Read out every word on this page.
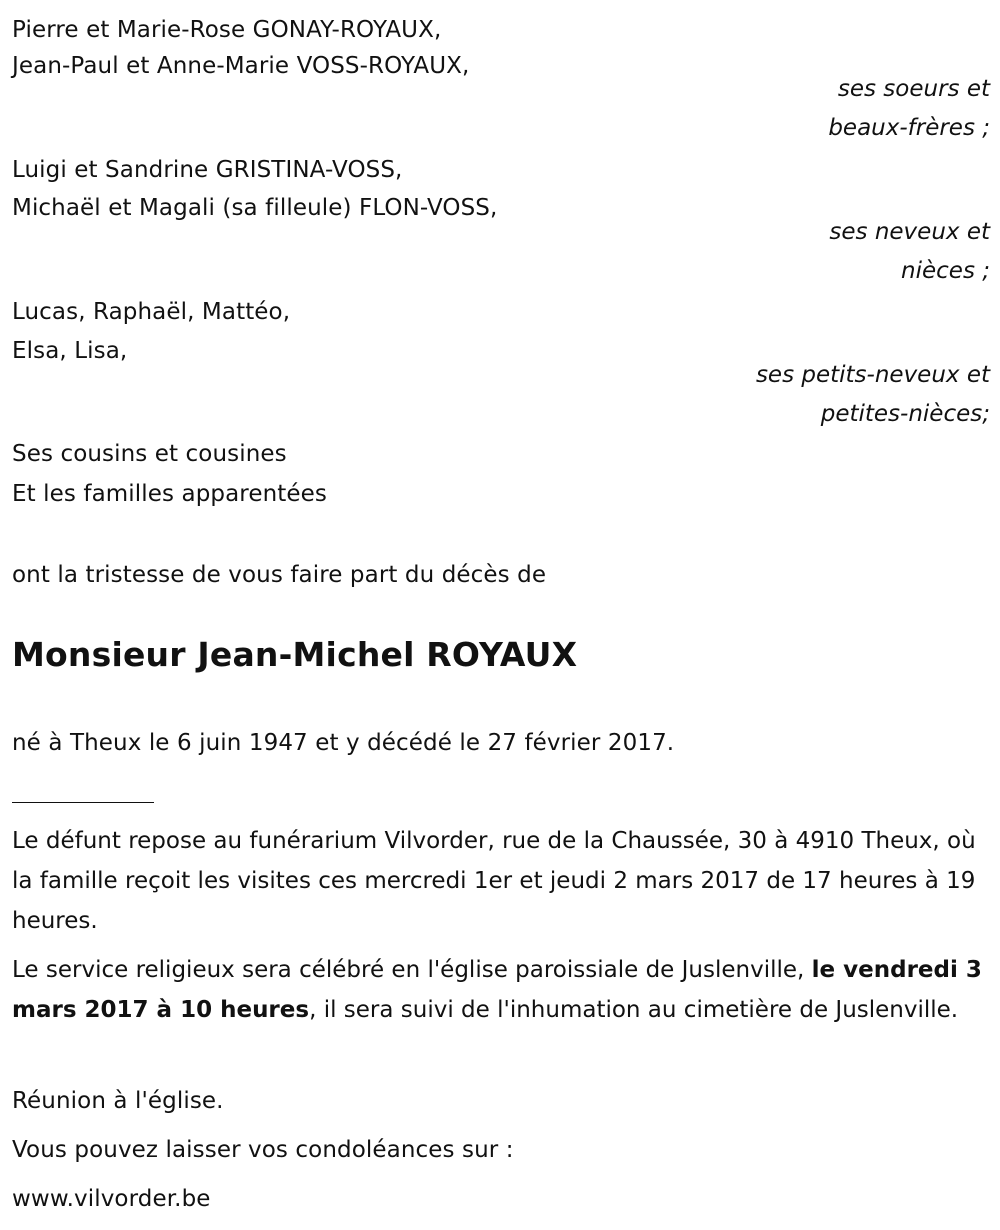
Pierre et Marie-Rose GONAY-ROYAUX,
Jean-Paul et Anne-Marie VOSS-ROYAUX,
ses soeurs et
beaux-frères ;
Luigi et Sandrine GRISTINA-VOSS,
Michaël et Magali (sa filleule) FLON-VOSS,
ses neveux et
nièces ;
Lucas, Raphaël, Mattéo,
Elsa, Lisa,
ses petits-neveux et
petites-nièces;
Ses cousins et cousines
Et les familles apparentées
ont la tristesse de vous faire part du décès de
Monsieur Jean-Michel ROYAUX
né à Theux le 6 juin 1947 et y décédé le 27 février 2017.
Le défunt repose au funérarium Vilvorder, rue de la Chaussée, 30 à 4910 Theux, où la famille reçoit les visites ces mercredi 1er et jeudi 2 mars 2017 de 17 heures à 19 heures.
Le service religieux sera célébré en l'église paroissiale de Juslenville, le vendredi 3 mars 2017 à 10 heures, il sera suivi de l'inhumation au cimetière de Juslenville.
Réunion à l'église.
Vous pouvez laisser vos condoléances sur :
www.vilvorder.be
